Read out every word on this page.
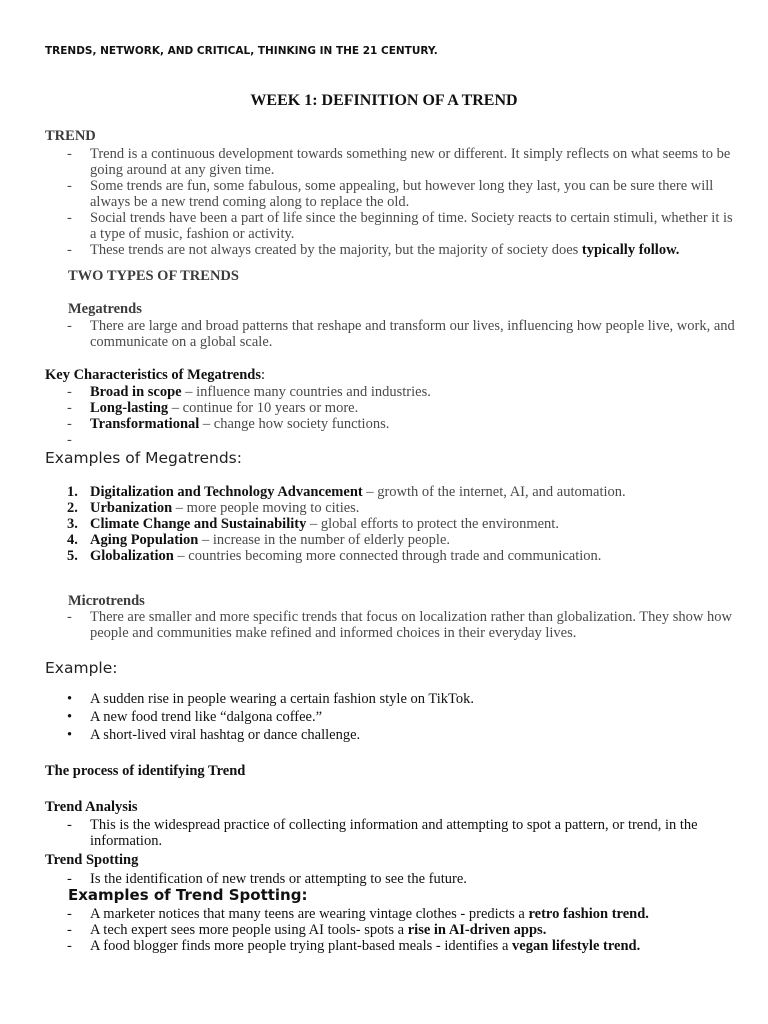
TRENDS, NETWORK, AND CRITICAL, THINKING IN THE 21 CENTURY.
WEEK 1: DEFINITION OF A TREND
TREND
- Trend is a continuous development towards something new or different. It simply reflects on what seems to be going around at any given time.
- Some trends are fun, some fabulous, some appealing, but however long they last, you can be sure there will always be a new trend coming along to replace the old.
- Social trends have been a part of life since the beginning of time. Society reacts to certain stimuli, whether it is a type of music, fashion or activity.
- These trends are not always created by the majority, but the majority of society does typically follow.
TWO TYPES OF TRENDS
Megatrends
- There are large and broad patterns that reshape and transform our lives, influencing how people live, work, and communicate on a global scale.
Key Characteristics of Megatrends:
- Broad in scope – influence many countries and industries.
- Long-lasting – continue for 10 years or more.
- Transformational – change how society functions.
-
Examples of Megatrends:
1. Digitalization and Technology Advancement – growth of the internet, AI, and automation.
2. Urbanization – more people moving to cities.
3. Climate Change and Sustainability – global efforts to protect the environment.
4. Aging Population – increase in the number of elderly people.
5. Globalization – countries becoming more connected through trade and communication.
Microtrends
- There are smaller and more specific trends that focus on localization rather than globalization. They show how people and communities make refined and informed choices in their everyday lives.
Example:
• A sudden rise in people wearing a certain fashion style on TikTok.
• A new food trend like “dalgona coffee.”
• A short-lived viral hashtag or dance challenge.
The process of identifying Trend
Trend Analysis
- This is the widespread practice of collecting information and attempting to spot a pattern, or trend, in the information.
Trend Spotting
- Is the identification of new trends or attempting to see the future.
Examples of Trend Spotting:
- A marketer notices that many teens are wearing vintage clothes - predicts a retro fashion trend.
- A tech expert sees more people using AI tools- spots a rise in AI-driven apps.
- A food blogger finds more people trying plant-based meals - identifies a vegan lifestyle trend.
